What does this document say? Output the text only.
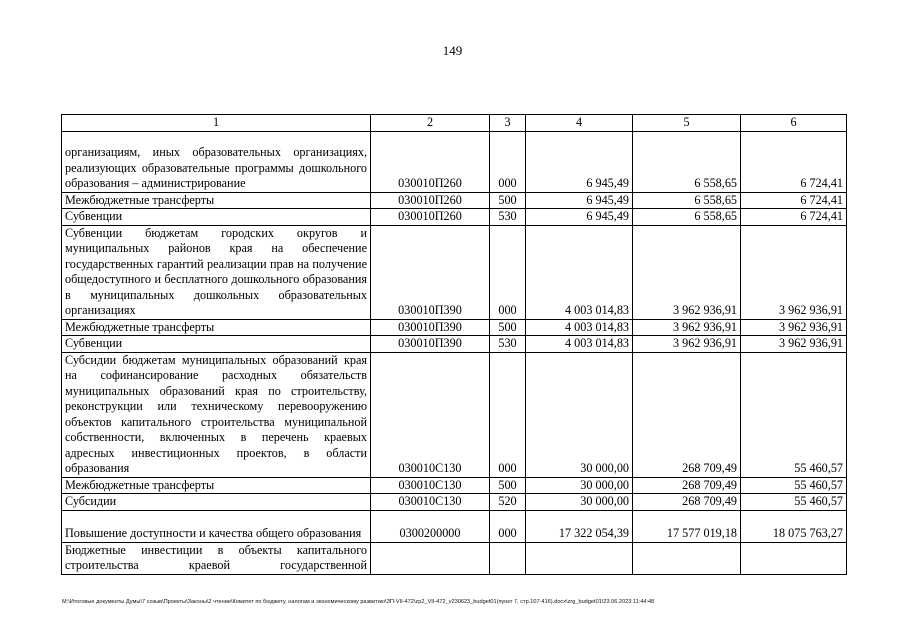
149
1	2	3	4	5	6
организациям, иных образовательных организациях, реализующих образовательные программы дошкольного образования – администрирование	030010П260	000	6 945,49	6 558,65	6 724,41
Межбюджетные трансферты	030010П260	500	6 945,49	6 558,65	6 724,41
Субвенции	030010П260	530	6 945,49	6 558,65	6 724,41
Субвенции бюджетам городских округов и муниципальных районов края на обеспечение государственных гарантий реализации прав на получение общедоступного и бесплатного дошкольного образования в муниципальных дошкольных образовательных организациях	030010П390	000	4 003 014,83	3 962 936,91	3 962 936,91
Межбюджетные трансферты	030010П390	500	4 003 014,83	3 962 936,91	3 962 936,91
Субвенции	030010П390	530	4 003 014,83	3 962 936,91	3 962 936,91
Субсидии бюджетам муниципальных образований края на софинансирование расходных обязательств муниципальных образований края по строительству, реконструкции или техническому перевооружению объектов капитального строительства муниципальной собственности, включенных в перечень краевых адресных инвестиционных проектов, в области образования	030010С130	000	30 000,00	268 709,49	55 460,57
Межбюджетные трансферты	030010С130	500	30 000,00	268 709,49	55 460,57
Субсидии	030010С130	520	30 000,00	268 709,49	55 460,57
Повышение доступности и качества общего образования	0300200000	000	17 322 054,39	17 577 019,18	18 075 763,27
Бюджетные инвестиции в объекты капитального строительства краевой государственной					
M:\Итоговые документы Думы\7 созыв\Проекты\Законы\2 чтение\Комитет по бюджету, налогам и экономическому развитию\ЗП-VII-472\zp2_VII-472_v230623_budget01(пункт 7, стр.107-416).docx\zrg_budget01\23.06.2023 11:44:48
